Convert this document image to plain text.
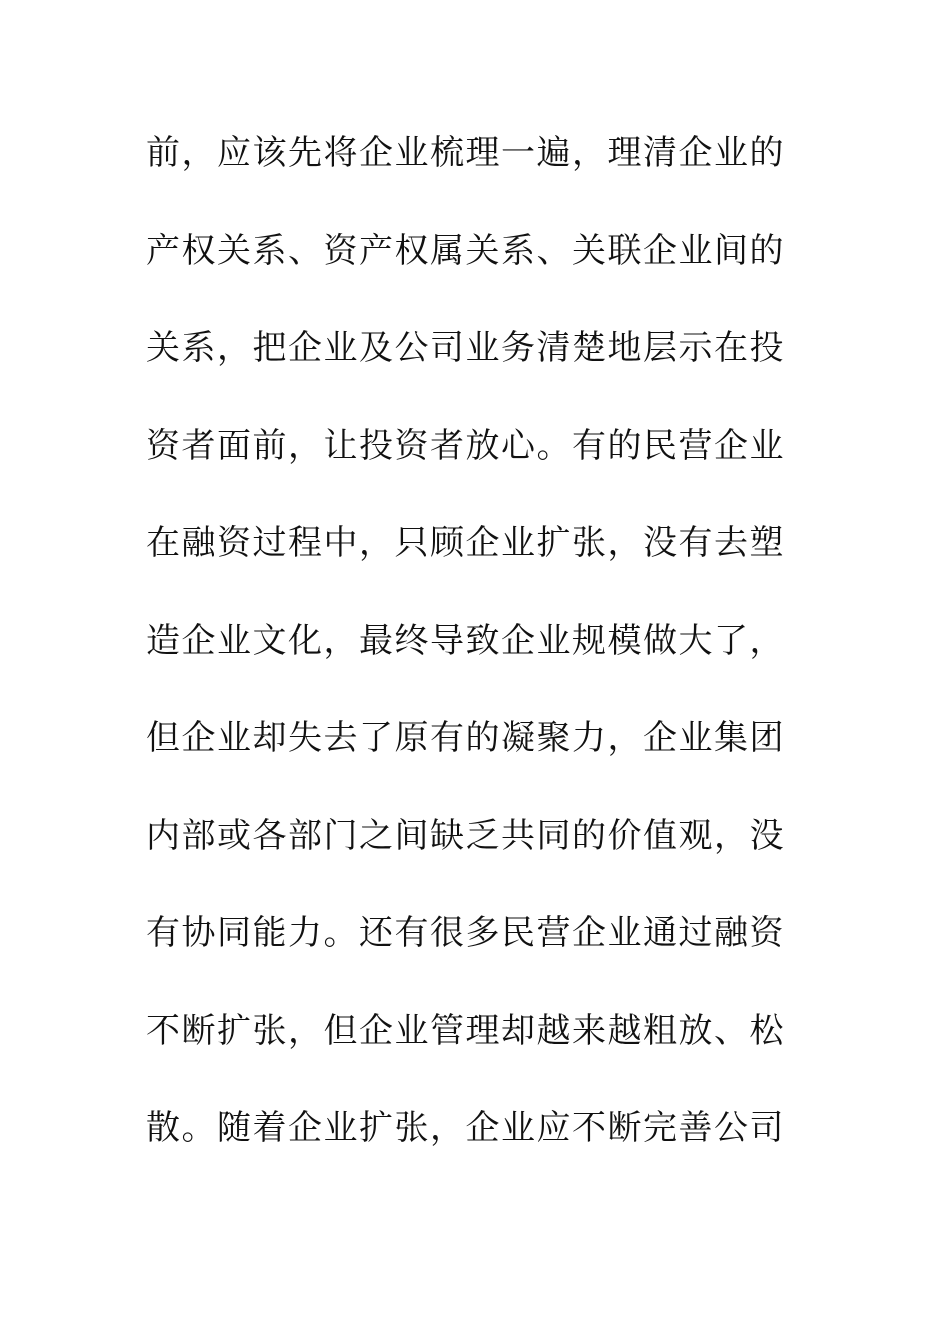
前，应该先将企业梳理一遍，理清企业的
产权关系、资产权属关系、关联企业间的
关系，把企业及公司业务清楚地层示在投
资者面前，让投资者放心。有的民营企业
在融资过程中，只顾企业扩张，没有去塑
造企业文化，最终导致企业规模做大了，
但企业却失去了原有的凝聚力，企业集团
内部或各部门之间缺乏共同的价值观，没
有协同能力。还有很多民营企业通过融资
不断扩张，但企业管理却越来越粗放、松
散。随着企业扩张，企业应不断完善公司
